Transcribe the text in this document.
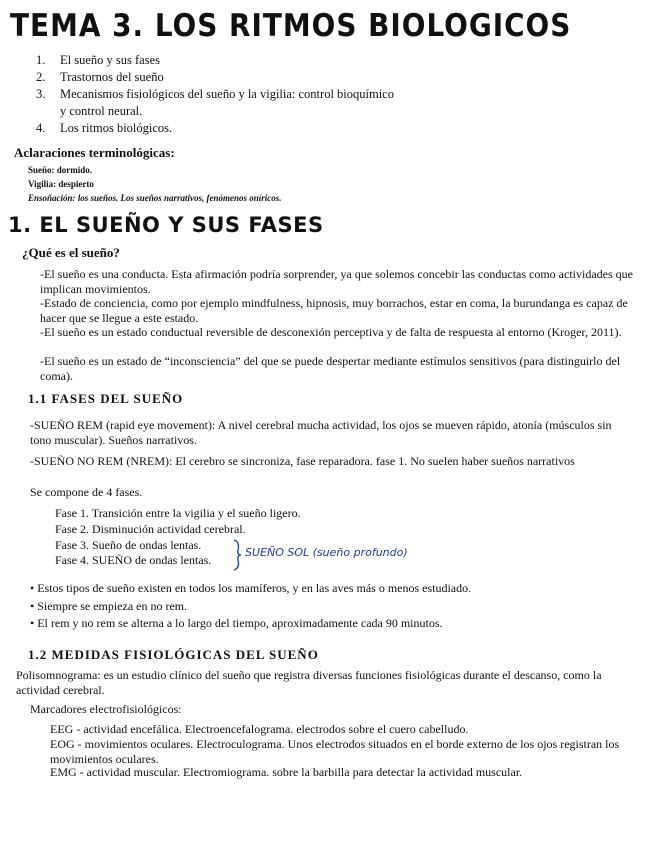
TEMA 3. LOS RITMOS BIOLOGICOS
1.	El sueño y sus fases
2.	Trastornos del sueño
3.	Mecanismos fisiológicos del sueño y la vigilia: control bioquímico y control neural.
4.	Los ritmos biológicos.
Aclaraciones terminológicas:
Sueño: dormido.
Vigilia: despierto
Ensoñación: los sueños. Los sueños narrativos, fenómenos oníricos.
1. EL SUEÑO Y SUS FASES
¿Qué es el sueño?
-El sueño es una conducta. Esta afirmación podría sorprender, ya que solemos concebir las conductas como actividades que implican movimientos.
-Estado de conciencia, como por ejemplo mindfulness, hipnosis, muy borrachos, estar en coma, la burundanga es capaz de hacer que se llegue a este estado.
-El sueño es un estado conductual reversible de desconexión perceptiva y de falta de respuesta al entorno (Kroger, 2011).
-El sueño es un estado de “inconsciencia” del que se puede despertar mediante estímulos sensitivos (para distinguirlo del coma).
1.1 FASES DEL SUEÑO
-SUEÑO REM (rapid eye movement): A nivel cerebral mucha actividad, los ojos se mueven rápido, atonía (músculos sin tono muscular). Sueños narrativos.
-SUEÑO NO REM (NREM): El cerebro se sincroniza, fase reparadora. fase 1. No suelen haber sueños narrativos
Se compone de 4 fases.
Fase 1. Transición entre la vigilia y el sueño ligero.
Fase 2. Disminución actividad cerebral.
Fase 3. Sueño de ondas lentas.
Fase 4. SUEÑO de ondas lentas.
SUEÑO SOL (sueño profundo)
• Estos tipos de sueño existen en todos los mamíferos, y en las aves más o menos estudiado.
• Siempre se empieza en no rem.
• El rem y no rem se alterna a lo largo del tiempo, aproximadamente cada 90 minutos.
1.2 MEDIDAS FISIOLÓGICAS DEL SUEÑO
Polisomnograma: es un estudio clínico del sueño que registra diversas funciones fisiológicas durante el descanso, como la actividad cerebral.
Marcadores electrofisiológicos:
EEG - actividad encefálica. Electroencefalograma. electrodos sobre el cuero cabelludo.
EOG - movimientos oculares. Electroculograma. Unos electrodos situados en el borde externo de los ojos registran los movimientos oculares.
EMG - actividad muscular. Electromiograma. sobre la barbilla para detectar la actividad muscular.
